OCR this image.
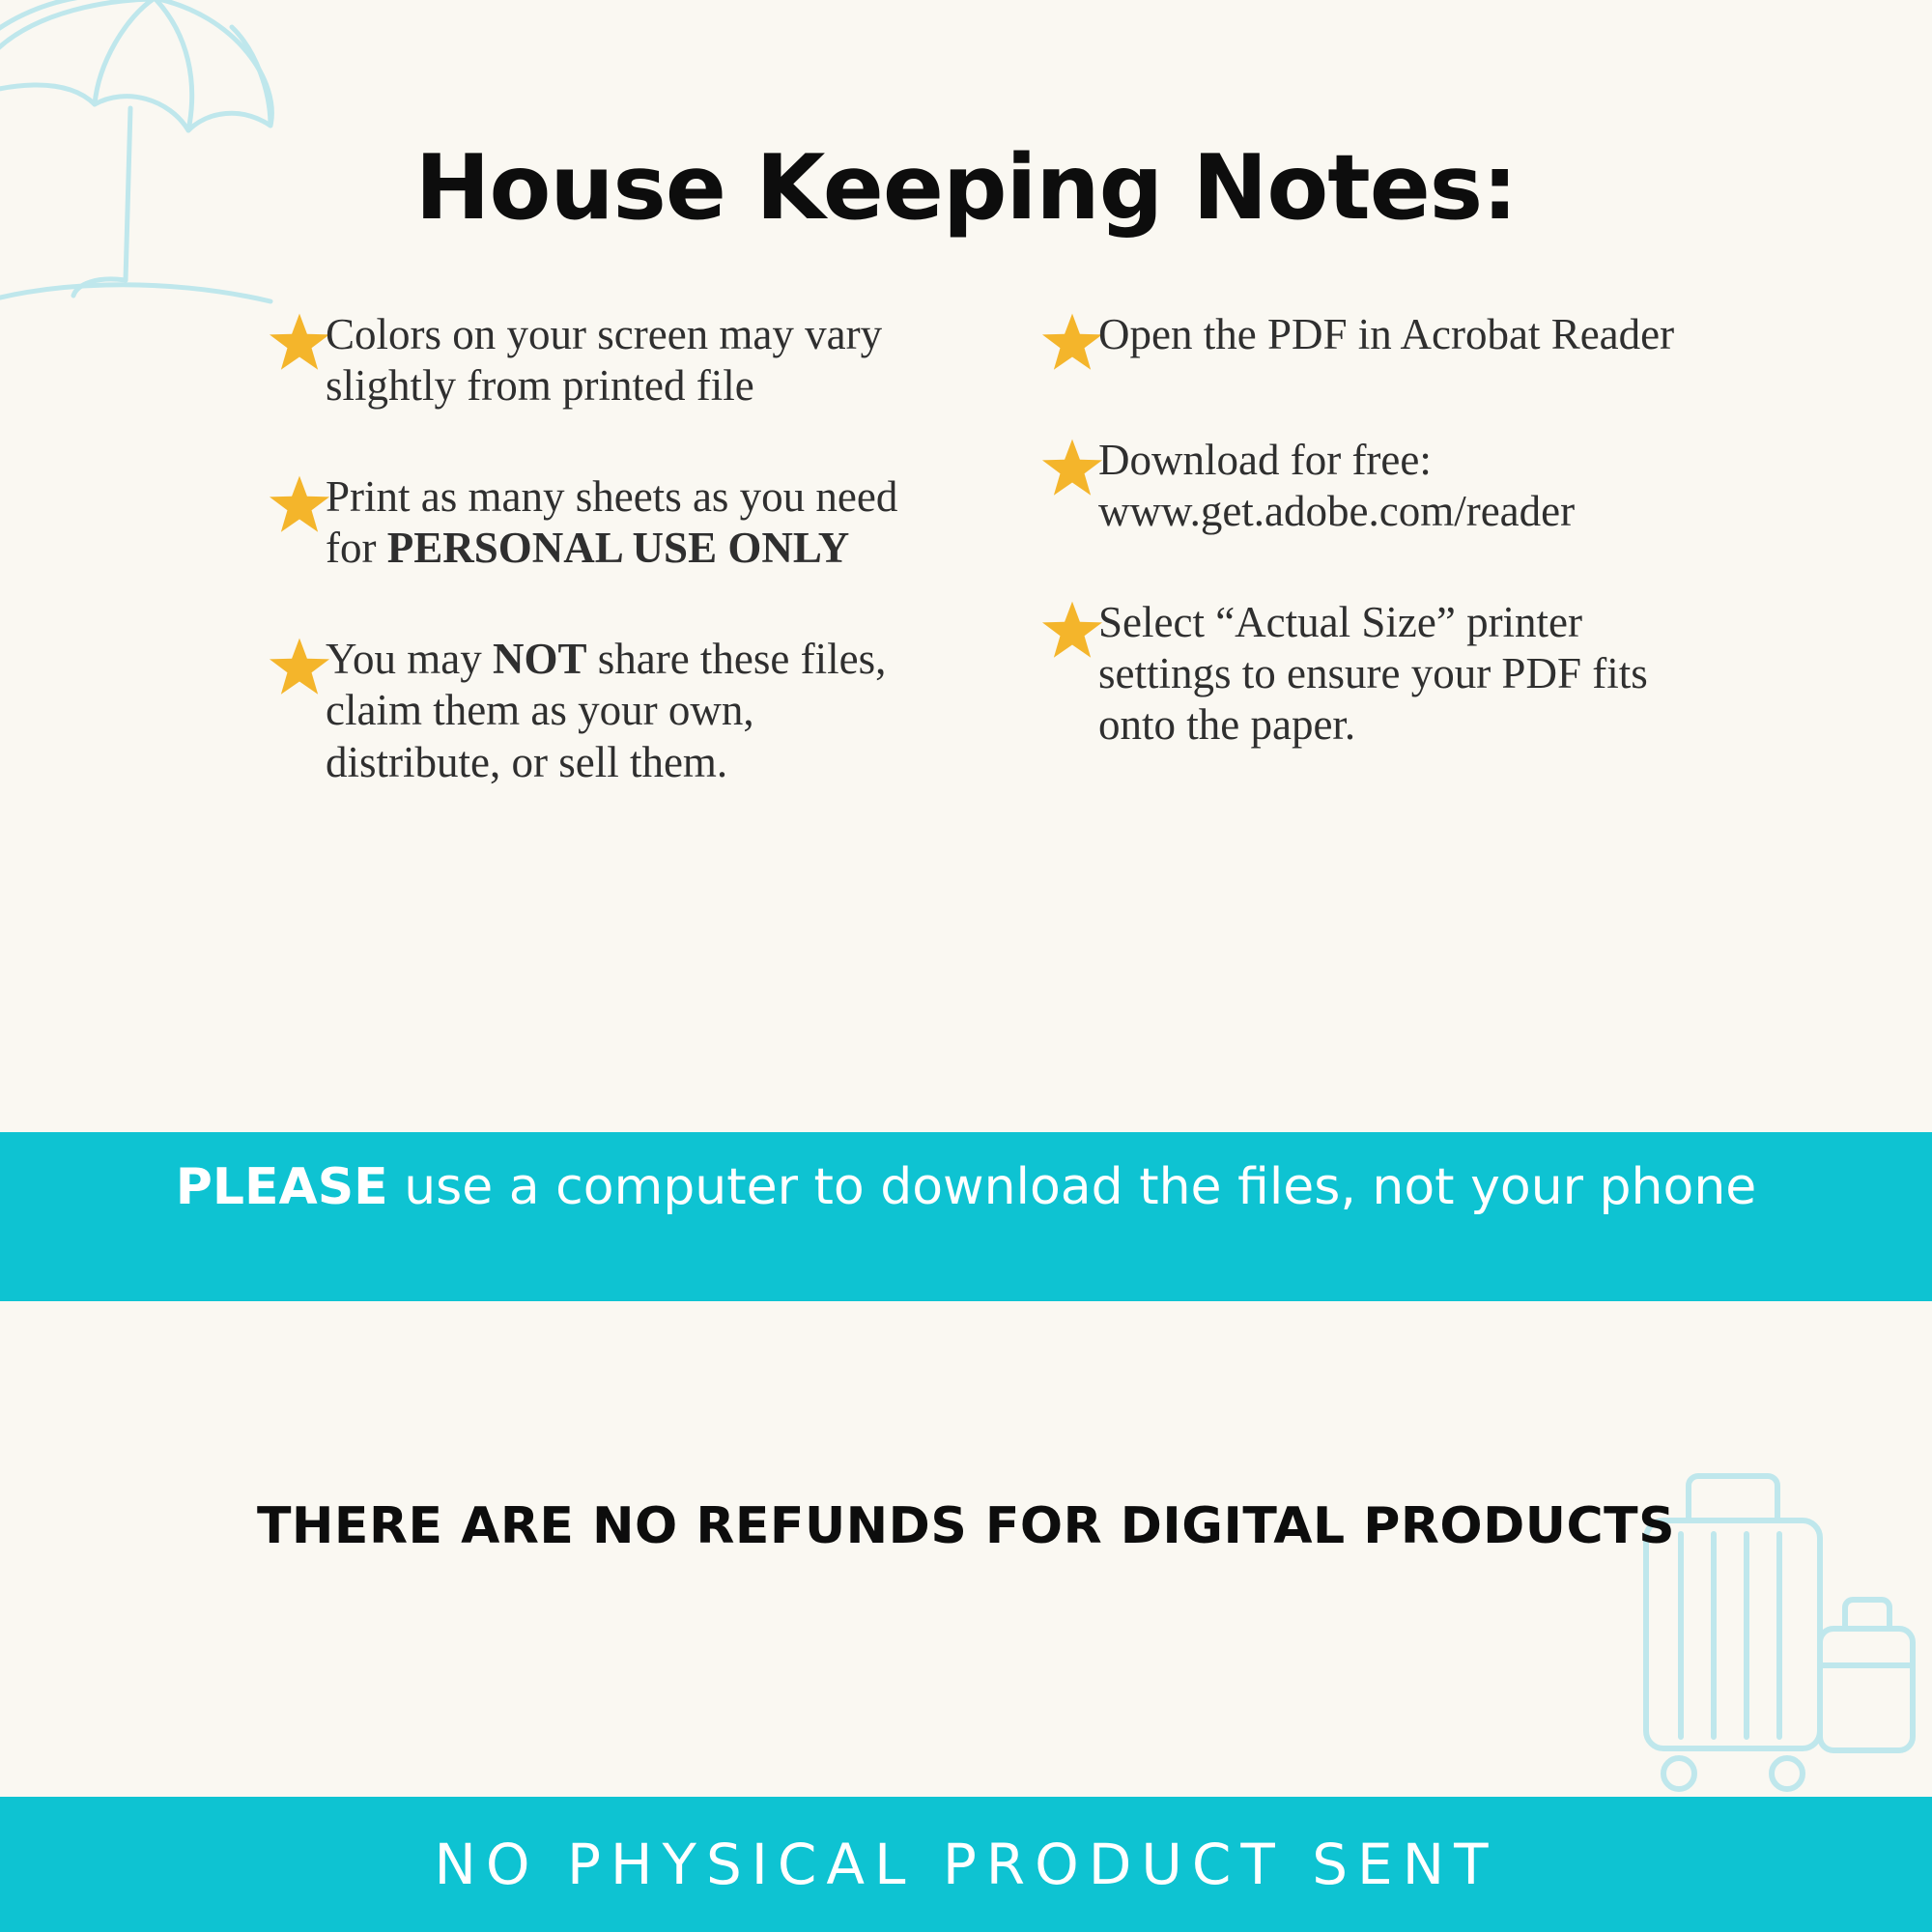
House Keeping Notes:
Colors on your screen may vary slightly from printed file
Print as many sheets as you need for PERSONAL USE ONLY
You may NOT share these files, claim them as your own, distribute, or sell them.
Open the PDF in Acrobat Reader
Download for free: www.get.adobe.com/reader
Select “Actual Size” printer settings to ensure your PDF fits onto the paper.
PLEASE use a computer to download the files, not your phone
THERE ARE NO REFUNDS FOR DIGITAL PRODUCTS
NO PHYSICAL PRODUCT SENT
